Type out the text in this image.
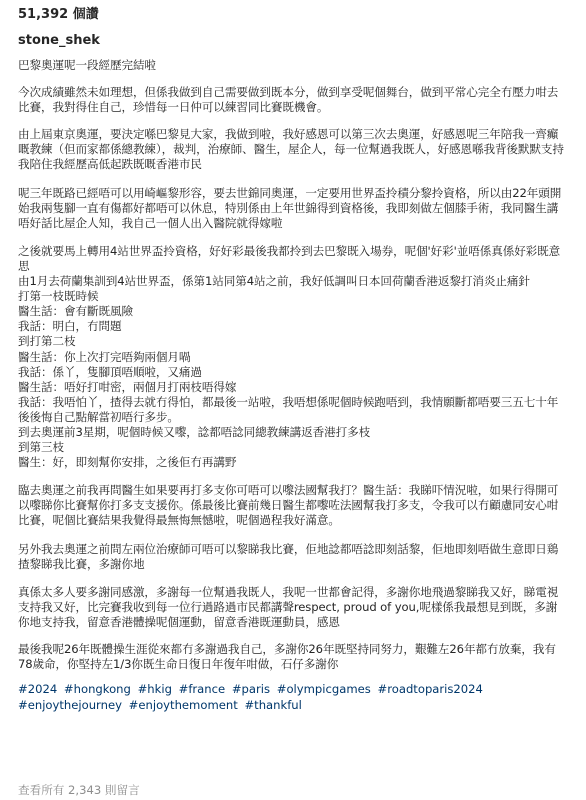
51,392 個讚
stone_shek

巴黎奧運呢一段經歷完結啦

今次成績雖然未如理想，但係我做到自己需要做到既本分，做到享受呢個舞台，做到平常心完全冇壓力咁去比賽，我對得住自己，珍惜每一日仲可以練習同比賽既機會。

由上屆東京奧運，要決定喺巴黎見大家，我做到啦，我好感恩可以第三次去奧運，好感恩呢三年陪我一齊癲嘅教練（但而家都係總教練），裁判，治療師、醫生，屋企人，每一位幫過我既人，好感恩喺我背後默默支持我陪住我經歷高低起跌既嘅香港市民

呢三年既路已經唔可以用崎嶇黎形容，要去世錦同奧運，一定要用世界盃拎積分黎拎資格，所以由22年頭開始我兩隻腳一直有傷都好都唔可以休息，特別係由上年世錦得到資格後，我即刻做左個膝手術，我同醫生講唔好話比屋企人知，我自己一個人出入醫院就得嫁啦

之後就要馬上轉用4站世界盃拎資格，好好彩最後我都拎到去巴黎既入場券，呢個'好彩'並唔係真係好彩既意思

由1月去荷蘭集訓到4站世界盃，係第1站同第4站之前，我好低調叫日本回荷蘭香港返黎打消炎止痛針

打第一枝既時候

醫生話：會有斷既風險

我話：明白，冇問題

到打第二枝

醫生話：你上次打完唔夠兩個月喎

我話：係丫，隻腳頂唔順啦，又痛過

醫生話：唔好打咁密，兩個月打兩枝唔得嫁

我話：我唔怕丫，揸得去就冇得怕，都最後一站啦，我唔想係呢個時候跑唔到，我情願斷都唔要三五七十年後後悔自己點解當初唔行多步。

到去奧運前3星期，呢個時候又嚟，諗都唔諗同總教練講返香港打多枝

到第三枝

醫生：好，即刻幫你安排，之後佢冇再講野

臨去奧運之前我再問醫生如果要再打多支你可唔可以嚟法國幫我打？醫生話：我睇吓情況啦，如果行得開可以嚟睇你比賽幫你打多支支援你。係最後比賽前幾日醫生都嚟咗法國幫我打多支，令我可以冇顧慮同安心咁比賽，呢個比賽結果我覺得最無悔無憾啦，呢個過程我好滿意。

另外我去奧運之前問左兩位治療師可唔可以黎睇我比賽，佢地諗都唔諗即刻話黎，佢地即刻唔做生意即日鶏揸黎睇我比賽，多謝你地

真係太多人要多謝同感激，多謝每一位幫過我既人，我呢一世都會記得，多謝你地飛過黎睇我又好，睇電視支持我又好，比完賽我收到每一位行過路過市民都講聲respect, proud of you,呢樣係我最想見到既，多謝你地支持我，留意香港體操呢個運動，留意香港既運動員，感恩

最後我呢26年既體操生涯從來都冇多謝過我自己，多謝你26年既堅持同努力，艱難左26年都冇放棄，我有78歲命，你堅持左1/3你既生命日復日年復年咁做，石仔多謝你

#2024 #hongkong #hkig #france #paris #olympicgames #roadtoparis2024 #enjoythejourney #enjoythemoment #thankful
查看所有 2,343 則留言
